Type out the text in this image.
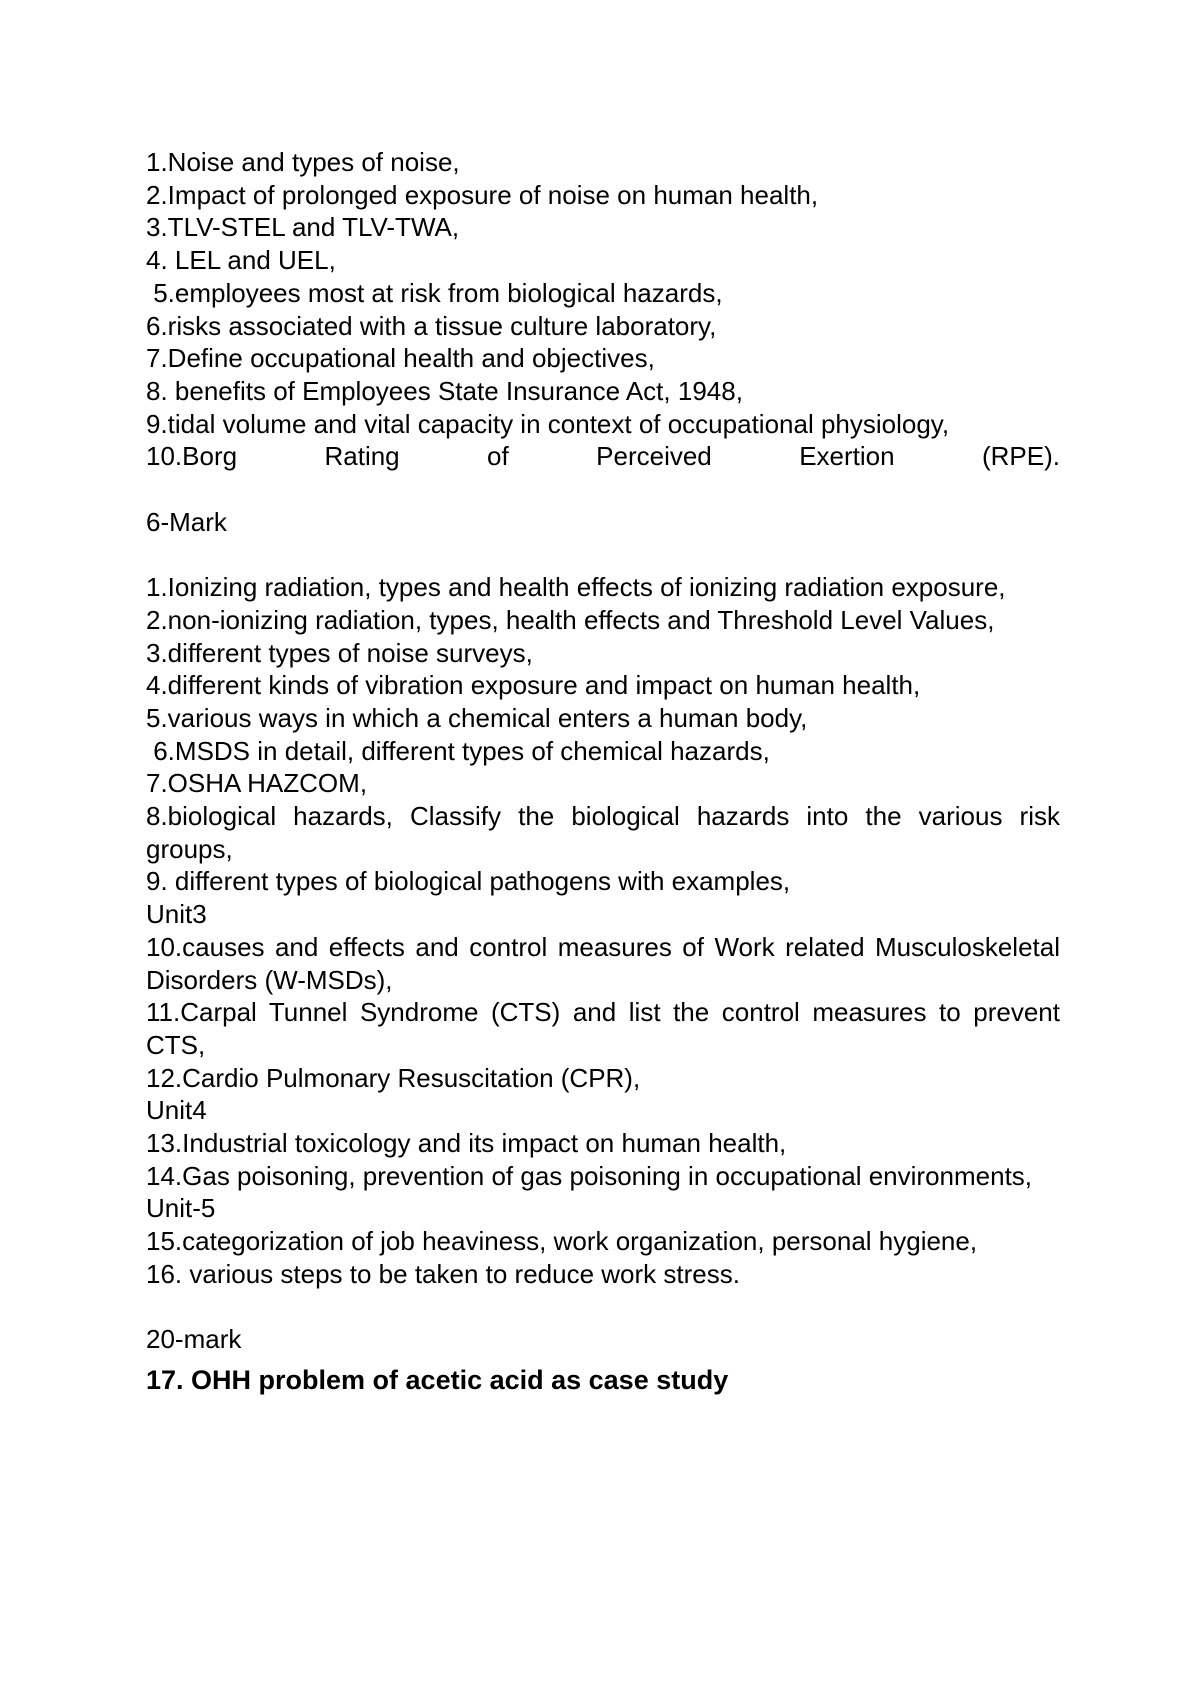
1.Noise and types of noise,
2.Impact of prolonged exposure of noise on human health,
3.TLV-STEL and TLV-TWA,
4. LEL and UEL,
5.employees most at risk from biological hazards,
6.risks associated with a tissue culture laboratory,
7.Define occupational health and objectives,
8. benefits of Employees State Insurance Act, 1948,
9.tidal volume and vital capacity in context of occupational physiology,
10.Borg Rating of Perceived Exertion (RPE).
6-Mark
1.Ionizing radiation, types and health effects of ionizing radiation exposure,
2.non-ionizing radiation, types, health effects and Threshold Level Values,
3.different types of noise surveys,
4.different kinds of vibration exposure and impact on human health,
5.various ways in which a chemical enters a human body,
6.MSDS in detail, different types of chemical hazards,
7.OSHA HAZCOM,
8.biological hazards, Classify the biological hazards into the various risk groups,
9. different types of biological pathogens with examples,
Unit3
10.causes and effects and control measures of Work related Musculoskeletal Disorders (W-MSDs),
11.Carpal Tunnel Syndrome (CTS) and list the control measures to prevent CTS,
12.Cardio Pulmonary Resuscitation (CPR),
Unit4
13.Industrial toxicology and its impact on human health,
14.Gas poisoning, prevention of gas poisoning in occupational environments,
Unit-5
15.categorization of job heaviness, work organization, personal hygiene,
16. various steps to be taken to reduce work stress.
20-mark
17. OHH problem of acetic acid as case study
